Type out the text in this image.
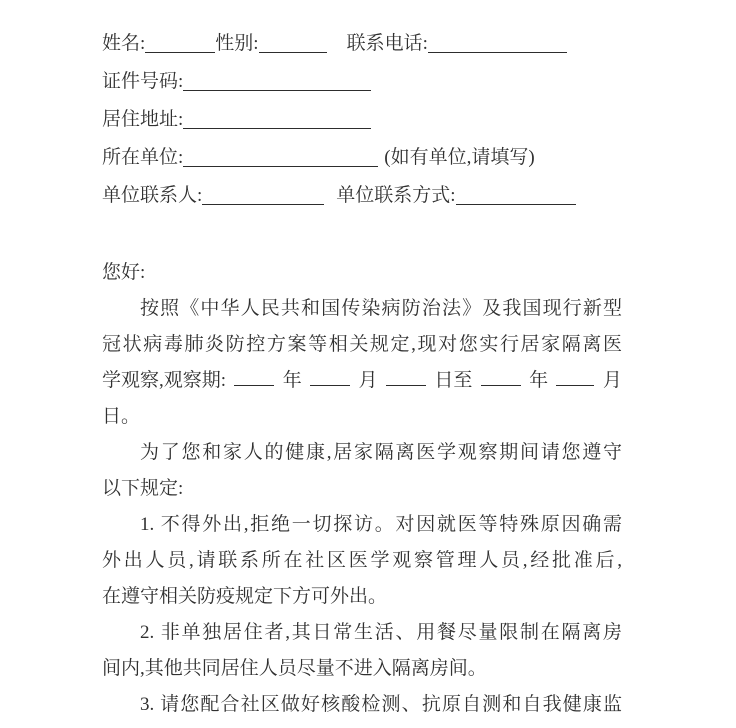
姓名:	性别:	联系电话:
证件号码:
居住地址:
所在单位:	(如有单位,请填写)
单位联系人:	单位联系方式:
您好:
按照《中华人民共和国传染病防治法》及我国现行新型
冠状病毒肺炎防控方案等相关规定,现对您实行居家隔离医
学观察,观察期:	年	月	日至	年	月
日。
为了您和家人的健康,居家隔离医学观察期间请您遵守
以下规定:
1. 不得外出,拒绝一切探访。对因就医等特殊原因确需
外出人员,请联系所在社区医学观察管理人员,经批准后,
在遵守相关防疫规定下方可外出。
2. 非单独居住者,其日常生活、用餐尽量限制在隔离房
间内,其他共同居住人员尽量不进入隔离房间。
3. 请您配合社区做好核酸检测、抗原自测和自我健康监
